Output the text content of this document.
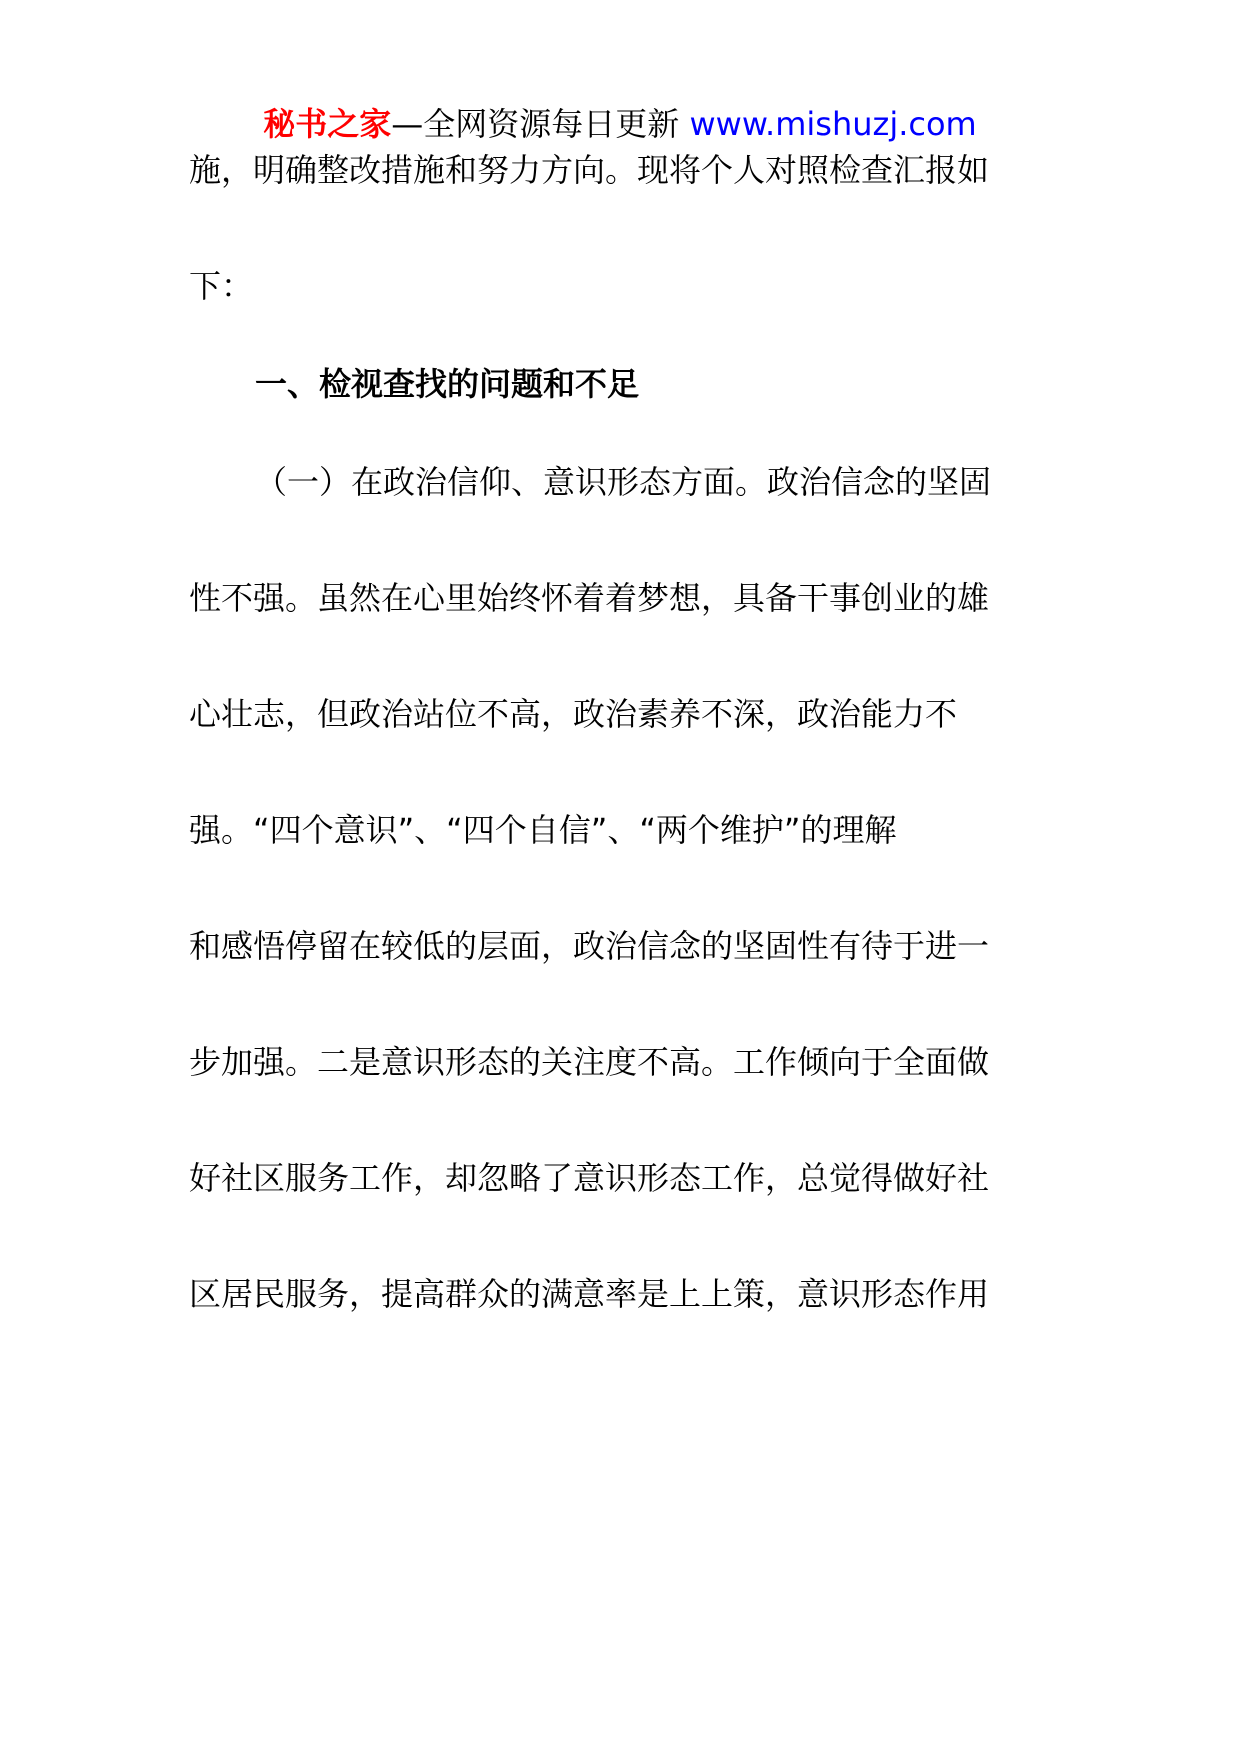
秘书之家—全网资源每日更新 www.mishuzj.com
施，明确整改措施和努力方向。现将个人对照检查汇报如
下：
一、检视查找的问题和不足
（一）在政治信仰、意识形态方面。政治信念的坚固
性不强。虽然在心里始终怀着着梦想，具备干事创业的雄
心壮志，但政治站位不高，政治素养不深，政治能力不
强。“四个意识”、“四个自信”、“两个维护”的理解
和感悟停留在较低的层面，政治信念的坚固性有待于进一
步加强。二是意识形态的关注度不高。工作倾向于全面做
好社区服务工作，却忽略了意识形态工作，总觉得做好社
区居民服务，提高群众的满意率是上上策，意识形态作用
